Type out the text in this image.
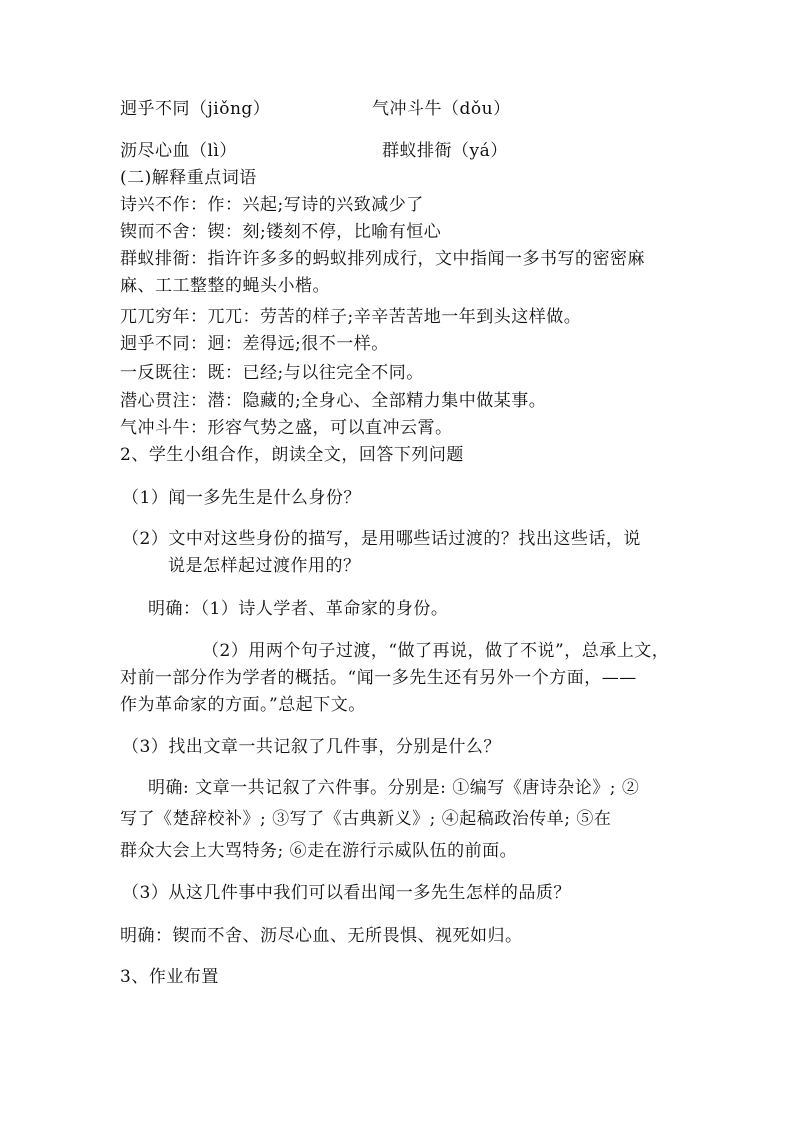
迥乎不同（jiǒng）	气冲斗牛（dǒu）
沥尽心血（lì）	群蚁排衙（yá）
(二)解释重点词语
诗兴不作：作：兴起;写诗的兴致减少了
锲而不舍：锲：刻;镂刻不停，比喻有恒心
群蚁排衙：指许许多多的蚂蚁排列成行，文中指闻一多书写的密密麻
麻、工工整整的蝇头小楷。
兀兀穷年：兀兀：劳苦的样子;辛辛苦苦地一年到头这样做。
迥乎不同：迥：差得远;很不一样。
一反既往：既：已经;与以往完全不同。
潜心贯注：潜：隐藏的;全身心、全部精力集中做某事。
气冲斗牛：形容气势之盛，可以直冲云霄。
2、学生小组合作，朗读全文，回答下列问题
（1）闻一多先生是什么身份？
（2）文中对这些身份的描写，是用哪些话过渡的？找出这些话，说
说是怎样起过渡作用的？
明确：（1）诗人学者、革命家的身份。
（2）用两个句子过渡，“做了再说，做了不说”，总承上文，
对前一部分作为学者的概括。“闻一多先生还有另外一个方面，——
作为革命家的方面。”总起下文。
（3）找出文章一共记叙了几件事，分别是什么？
明确: 文章一共记叙了六件事。分别是: ①编写《唐诗杂论》; ②
写了《楚辞校补》; ③写了《古典新义》; ④起稿政治传单; ⑤在
群众大会上大骂特务; ⑥走在游行示威队伍的前面。
（3）从这几件事中我们可以看出闻一多先生怎样的品质？
明确：锲而不舍、沥尽心血、无所畏惧、视死如归。
3、作业布置
